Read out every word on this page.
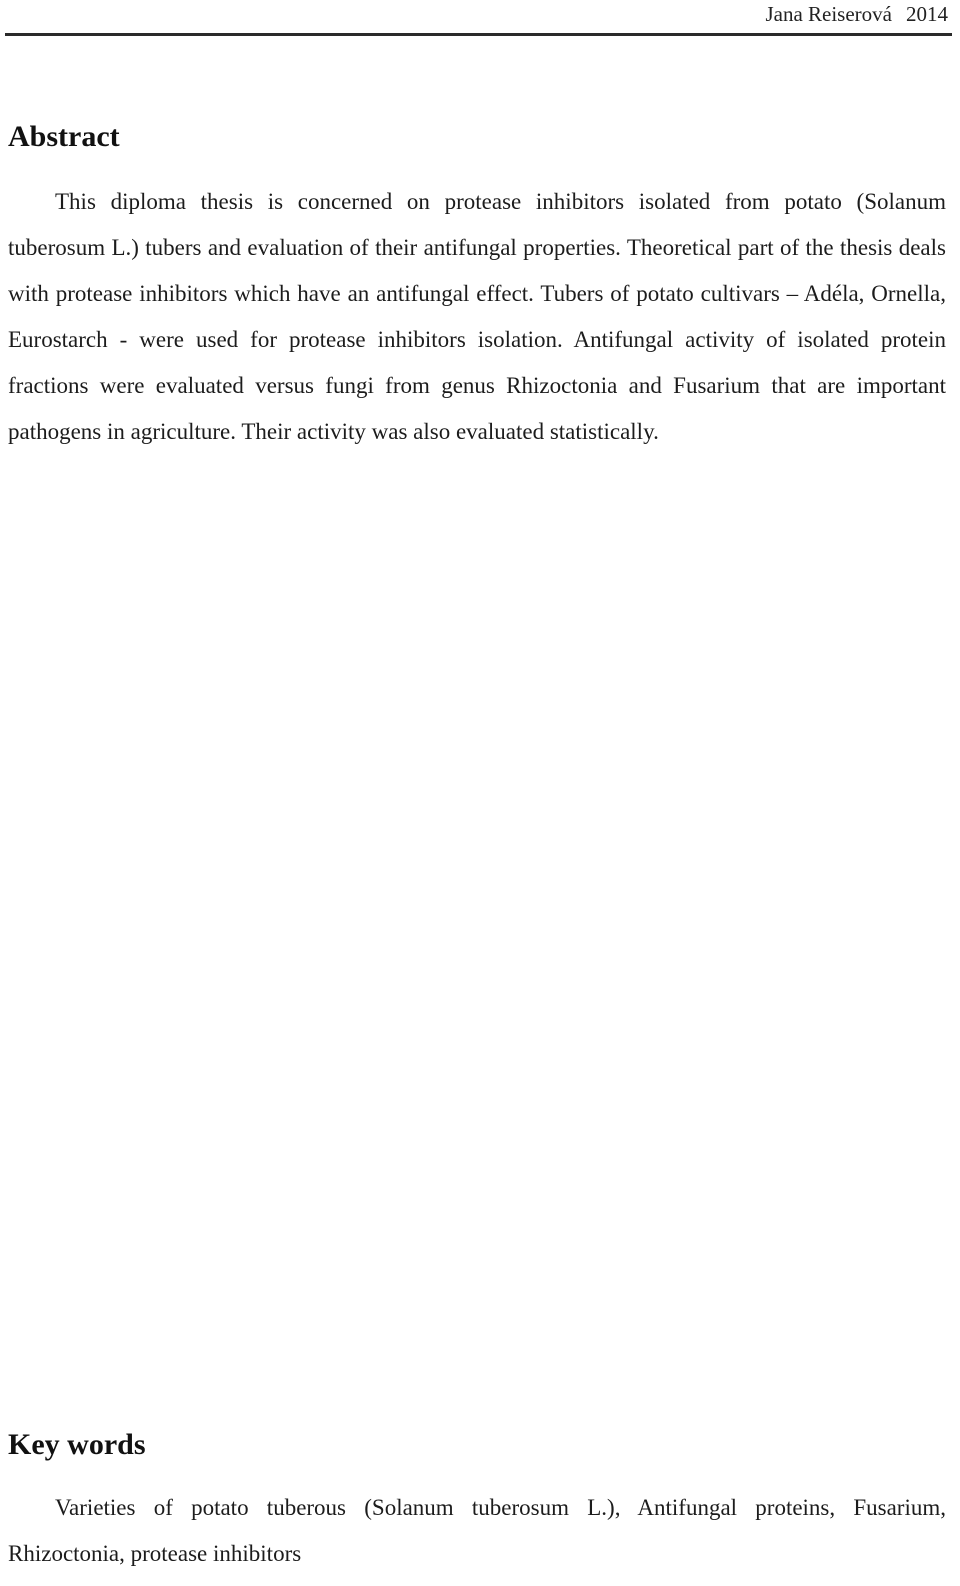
Jana Reiserová 2014
Abstract

This diploma thesis is concerned on protease inhibitors isolated from potato (Solanum tuberosum L.) tubers and evaluation of their antifungal properties. Theoretical part of the thesis deals with protease inhibitors which have an antifungal effect. Tubers of potato cultivars – Adéla, Ornella, Eurostarch - were used for protease inhibitors isolation. Antifungal activity of isolated protein fractions were evaluated versus fungi from genus Rhizoctonia and Fusarium that are important pathogens in agriculture. Their activity was also evaluated statistically.

Key words

Varieties of potato tuberous (Solanum tuberosum L.), Antifungal proteins, Fusarium, Rhizoctonia, protease inhibitors
